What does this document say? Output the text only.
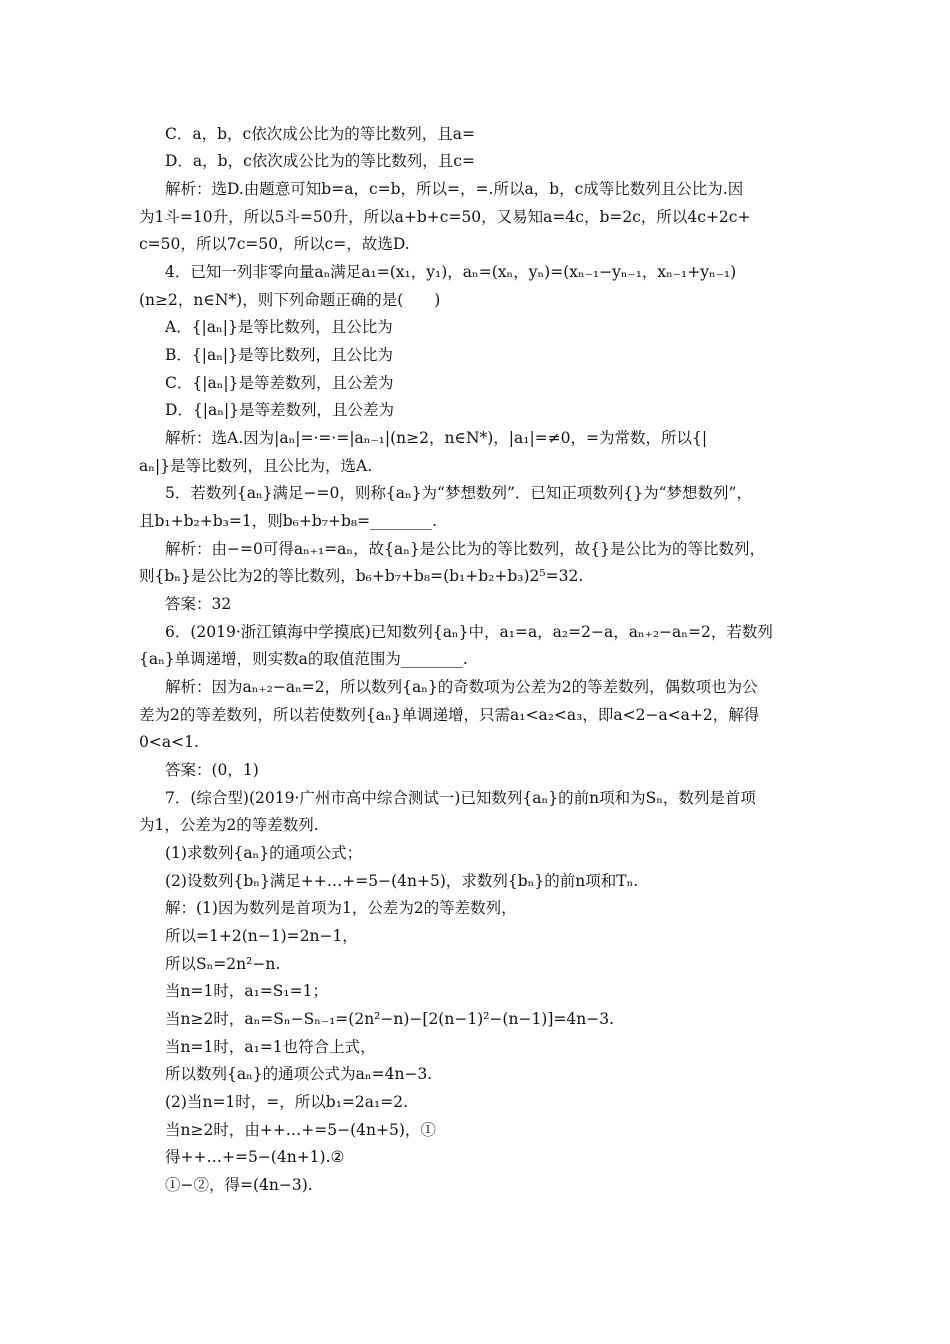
C．a，b，c依次成公比为的等比数列，且a=
D．a，b，c依次成公比为的等比数列，且c=
解析：选D.由题意可知b=a，c=b，所以=，=.所以a，b，c成等比数列且公比为.因
为1斗=10升，所以5斗=50升，所以a+b+c=50，又易知a=4c，b=2c，所以4c+2c+
c=50，所以7c=50，所以c=，故选D.
4．已知一列非零向量aₙ满足a₁=(x₁，y₁)，aₙ=(xₙ，yₙ)=(xₙ₋₁−yₙ₋₁，xₙ₋₁+yₙ₋₁)
(n≥2，n∈N*)，则下列命题正确的是(　　)
A．{|aₙ|}是等比数列，且公比为
B．{|aₙ|}是等比数列，且公比为
C．{|aₙ|}是等差数列，且公差为
D．{|aₙ|}是等差数列，且公差为
解析：选A.因为|aₙ|=·=·=|aₙ₋₁|(n≥2，n∈N*)，|a₁|=≠0，=为常数，所以{|
aₙ|}是等比数列，且公比为，选A.
5．若数列{aₙ}满足−=0，则称{aₙ}为“梦想数列”．已知正项数列{}为“梦想数列”，
且b₁+b₂+b₃=1，则b₆+b₇+b₈=________.
解析：由−=0可得aₙ₊₁=aₙ，故{aₙ}是公比为的等比数列，故{}是公比为的等比数列，
则{bₙ}是公比为2的等比数列，b₆+b₇+b₈=(b₁+b₂+b₃)2⁵=32.
答案：32
6．(2019·浙江镇海中学摸底)已知数列{aₙ}中，a₁=a，a₂=2−a，aₙ₊₂−aₙ=2，若数列
{aₙ}单调递增，则实数a的取值范围为________.
解析：因为aₙ₊₂−aₙ=2，所以数列{aₙ}的奇数项为公差为2的等差数列，偶数项也为公
差为2的等差数列，所以若使数列{aₙ}单调递增，只需a₁<a₂<a₃，即a<2−a<a+2，解得
0<a<1.
答案：(0，1)
7．(综合型)(2019·广州市高中综合测试一)已知数列{aₙ}的前n项和为Sₙ，数列是首项
为1，公差为2的等差数列.
(1)求数列{aₙ}的通项公式；
(2)设数列{bₙ}满足++…+=5−(4n+5)，求数列{bₙ}的前n项和Tₙ.
解：(1)因为数列是首项为1，公差为2的等差数列，
所以=1+2(n−1)=2n−1，
所以Sₙ=2n²−n.
当n=1时，a₁=S₁=1；
当n≥2时，aₙ=Sₙ−Sₙ₋₁=(2n²−n)−[2(n−1)²−(n−1)]=4n−3.
当n=1时，a₁=1也符合上式，
所以数列{aₙ}的通项公式为aₙ=4n−3.
(2)当n=1时，=，所以b₁=2a₁=2.
当n≥2时，由++…+=5−(4n+5)，①
得++…+=5−(4n+1).②
①−②，得=(4n−3).
